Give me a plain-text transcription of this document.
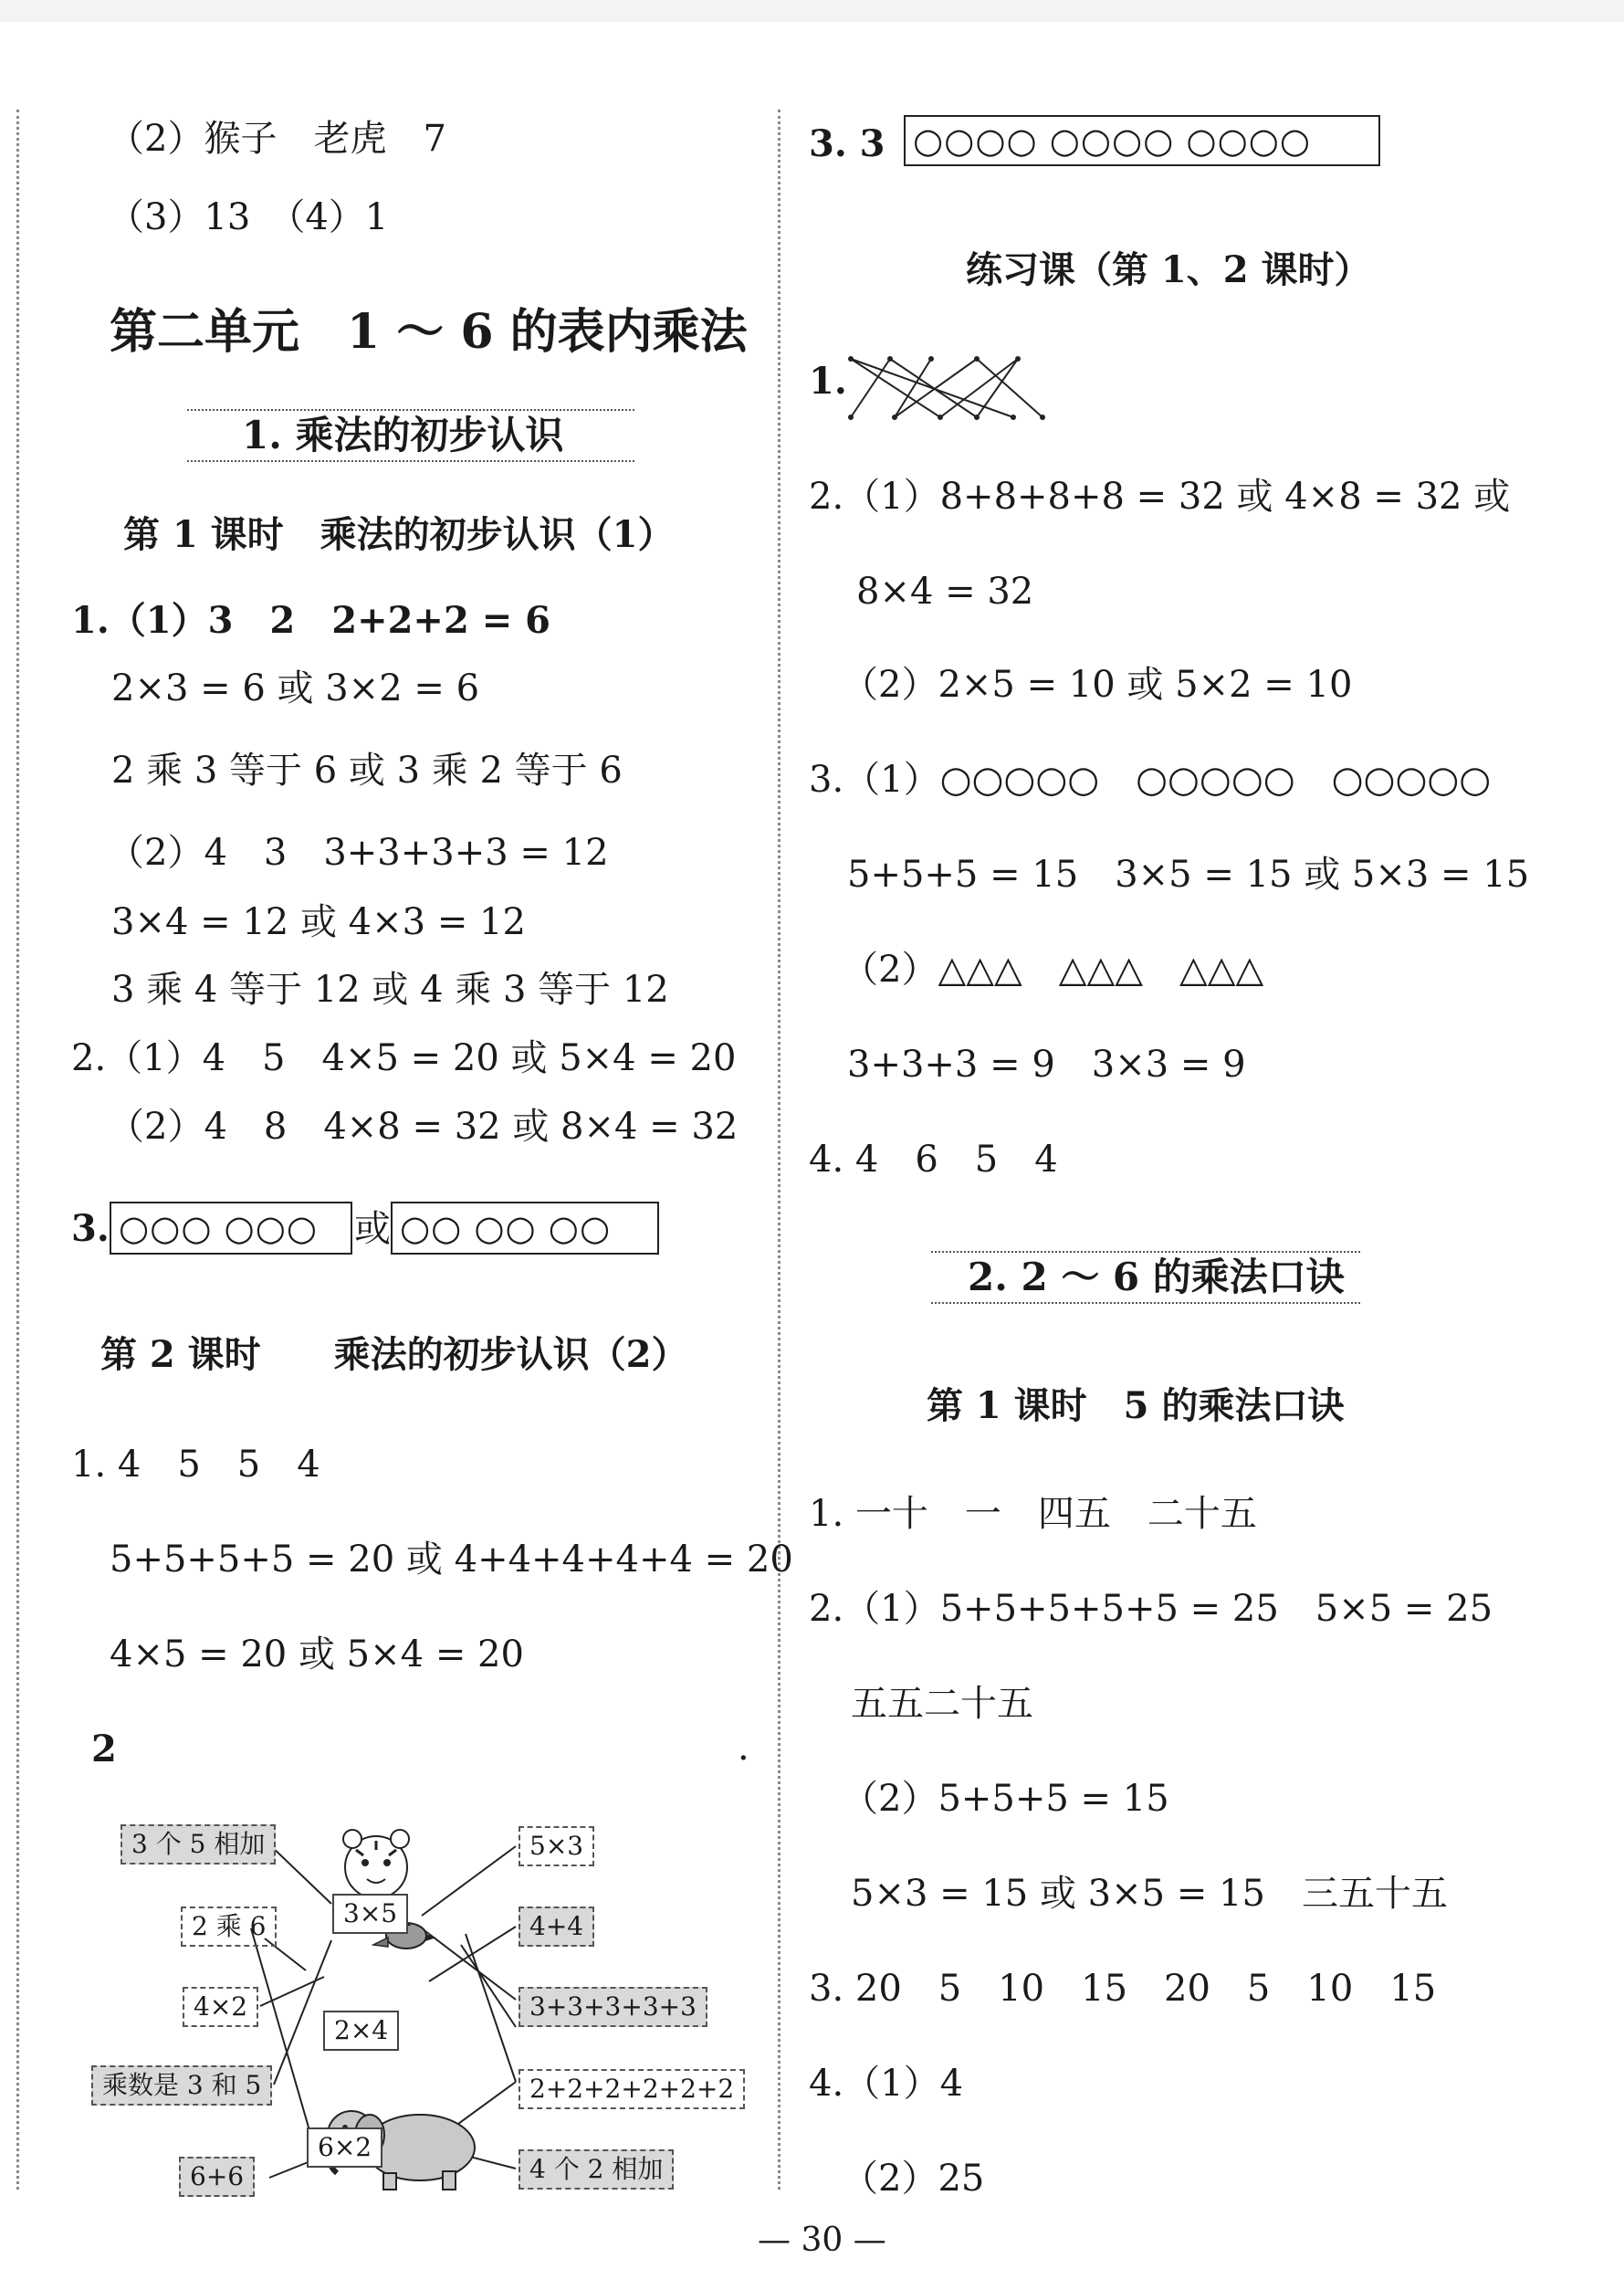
（2）猴子　老虎　7
（3）13　（4）1
第二单元　1 ～ 6 的表内乘法
1. 乘法的初步认识
第 1 课时　乘法的初步认识（1）
1.（1）3　2　2+2+2 = 6
2×3 = 6 或 3×2 = 6
2 乘 3 等于 6 或 3 乘 2 等于 6
（2）4　3　3+3+3+3 = 12
3×4 = 12 或 4×3 = 12
3 乘 4 等于 12 或 4 乘 3 等于 12
2.（1）4　5　4×5 = 20 或 5×4 = 20
（2）4　8　4×8 = 32 或 8×4 = 32
3. ○○○ ○○○ 或 ○○ ○○ ○○
第 2 课时　　乘法的初步认识（2）
1. 4　5　5　4
5+5+5+5 = 20 或 4+4+4+4+4 = 20
4×5 = 20 或 5×4 = 20
2	.
3 个 5 相加
2 乘 6
4×2
乘数是 3 和 5
6+6
3×5
2×4
6×2
5×3
4+4
3+3+3+3+3
2+2+2+2+2+2
4 个 2 相加
3. 3 ○○○○ ○○○○ ○○○○
练习课（第 1、2 课时）
1.
2.（1）8+8+8+8 = 32 或 4×8 = 32 或
8×4 = 32
（2）2×5 = 10 或 5×2 = 10
3.（1）○○○○○　○○○○○　○○○○○
5+5+5 = 15　3×5 = 15 或 5×3 = 15
（2）△△△　△△△　△△△
3+3+3 = 9　3×3 = 9
4. 4　6　5　4
2. 2 ～ 6 的乘法口诀
第 1 课时　5 的乘法口诀
1. 一十　一　四五　二十五
2.（1）5+5+5+5+5 = 25　5×5 = 25
五五二十五
（2）5+5+5 = 15
5×3 = 15 或 3×5 = 15　三五十五
3. 20　5　10　15　20　5　10　15
4.（1）4
（2）25
— 30 —
